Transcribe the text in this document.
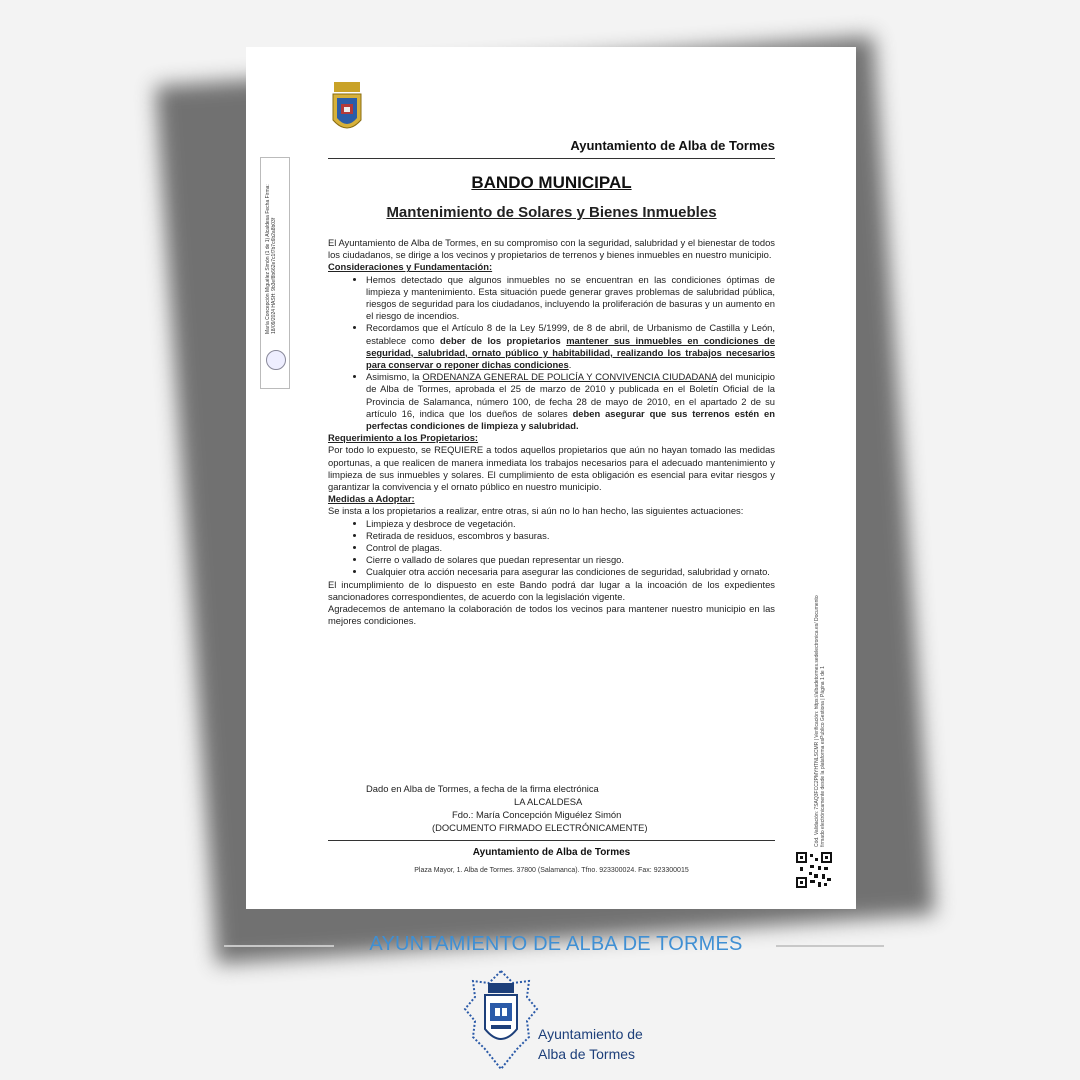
Ayuntamiento de Alba de Tormes
BANDO MUNICIPAL
Mantenimiento de Solares y Bienes Inmuebles

El Ayuntamiento de Alba de Tormes, en su compromiso con la seguridad, salubridad y el bienestar de todos los ciudadanos, se dirige a los vecinos y propietarios de terrenos y bienes inmuebles en nuestro municipio.

Consideraciones y Fundamentación:

• Hemos detectado que algunos inmuebles no se encuentran en las condiciones óptimas de limpieza y mantenimiento. Esta situación puede generar graves problemas de salubridad pública, riesgos de seguridad para los ciudadanos, incluyendo la proliferación de basuras y un aumento en el riesgo de incendios.
• Recordamos que el Artículo 8 de la Ley 5/1999, de 8 de abril, de Urbanismo de Castilla y León, establece como deber de los propietarios mantener sus inmuebles en condiciones de seguridad, salubridad, ornato público y habitabilidad, realizando los trabajos necesarios para conservar o reponer dichas condiciones.
• Asimismo, la ORDENANZA GENERAL DE POLICÍA Y CONVIVENCIA CIUDADANA del municipio de Alba de Tormes, aprobada el 25 de marzo de 2010 y publicada en el Boletín Oficial de la Provincia de Salamanca, número 100, de fecha 28 de mayo de 2010, en el apartado 2 de su artículo 16, indica que los dueños de solares deben asegurar que sus terrenos estén en perfectas condiciones de limpieza y salubridad.

Requerimiento a los Propietarios:

Por todo lo expuesto, se REQUIERE a todos aquellos propietarios que aún no hayan tomado las medidas oportunas, a que realicen de manera inmediata los trabajos necesarios para el adecuado mantenimiento y limpieza de sus inmuebles y solares. El cumplimiento de esta obligación es esencial para evitar riesgos y garantizar la convivencia y el ornato público en nuestro municipio.

Medidas a Adoptar:

Se insta a los propietarios a realizar, entre otras, si aún no lo han hecho, las siguientes actuaciones:

• Limpieza y desbroce de vegetación.
• Retirada de residuos, escombros y basuras.
• Control de plagas.
• Cierre o vallado de solares que puedan representar un riesgo.
• Cualquier otra acción necesaria para asegurar las condiciones de seguridad, salubridad y ornato.

El incumplimiento de lo dispuesto en este Bando podrá dar lugar a la incoación de los expedientes sancionadores correspondientes, de acuerdo con la legislación vigente.

Agradecemos de antemano la colaboración de todos los vecinos para mantener nuestro municipio en las mejores condiciones.

Dado en Alba de Tormes, a fecha de la firma electrónica
LA ALCALDESA
Fdo.: María Concepción Miguélez Simón
(DOCUMENTO FIRMADO ELECTRÓNICAMENTE)
Ayuntamiento de Alba de Tormes
Plaza Mayor, 1. Alba de Tormes. 37800 (Salamanca). Tfno. 923300024. Fax: 923300015
María Concepción Miguélez Simón (1 de 1) Alcaldesa Fecha Firma: 18/09/2024 HASH: 9b3ef8b662e7c1f7b7c6b2a8b03f
Cód. Validación: 7SAQ3FCC2PMYHTNLSCMR | Verificación: https://albadetormes.sedelectronica.es/ Documento firmado electrónicamente desde la plataforma esPublico Gestiona | Página 1 de 1
AYUNTAMIENTO DE ALBA DE TORMES
Ayuntamiento de
Alba de Tormes
